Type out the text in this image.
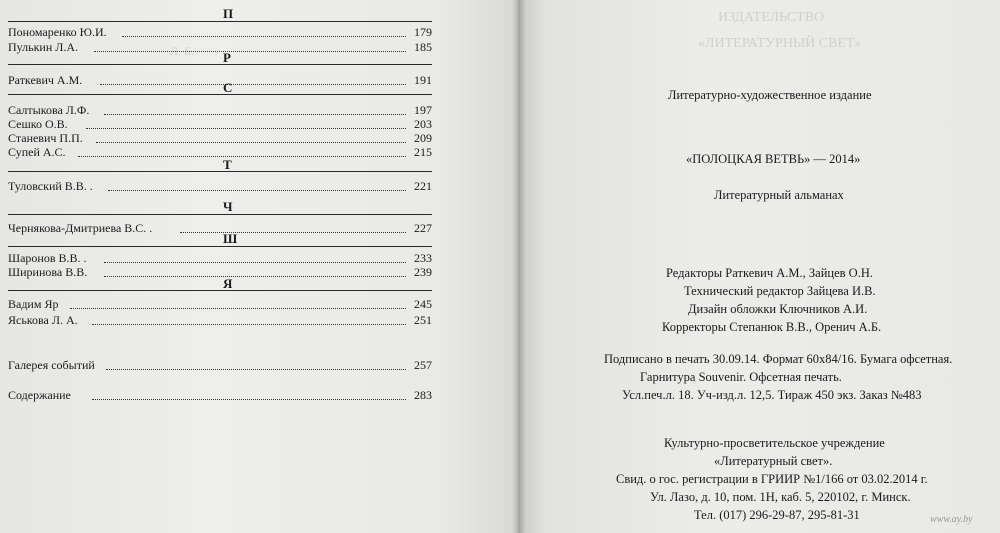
Л. Б.
П
Пономаренко Ю.И.	179
Пулькин Л.А.	185
Р
Раткевич А.М.	191
С
Салтыкова Л.Ф.	197
Сешко О.В.	203
Станевич П.П.	209
Супей А.С.	215
Т
Туловский В.В. .	221
Ч
Чернякова-Дмитриева В.С. .	227
Ш
Шаронов В.В. .	233
Ширинова В.В.	239
Я
Вадим Яр	245
Яськова Л. А.	251
Галерея событий	257
Содержание	283
ИЗДАТЕЛЬСТВО
«ЛИТЕРАТУРНЫЙ СВЕТ»
Литературно-художественное издание
«ПОЛОЦКАЯ ВЕТВЬ» — 2014»
Литературный альманах
Редакторы Раткевич А.М., Зайцев О.Н.
Технический редактор Зайцева И.В.
Дизайн обложки Ключников А.И.
Корректоры Степанюк В.В., Оренич А.Б.
Подписано в печать 30.09.14. Формат 60x84/16. Бумага офсетная.
Гарнитура Souvenir. Офсетная печать.
Усл.печ.л. 18. Уч-изд.л. 12,5. Тираж 450 экз. Заказ №483
Культурно-просветительское учреждение
«Литературный свет».
Свид. о гос. регистрации в ГРИИР №1/166 от 03.02.2014 г.
Ул. Лазо, д. 10, пом. 1Н, каб. 5, 220102, г. Минск.
Тел. (017) 296-29-87, 295-81-31	www.ay.by
